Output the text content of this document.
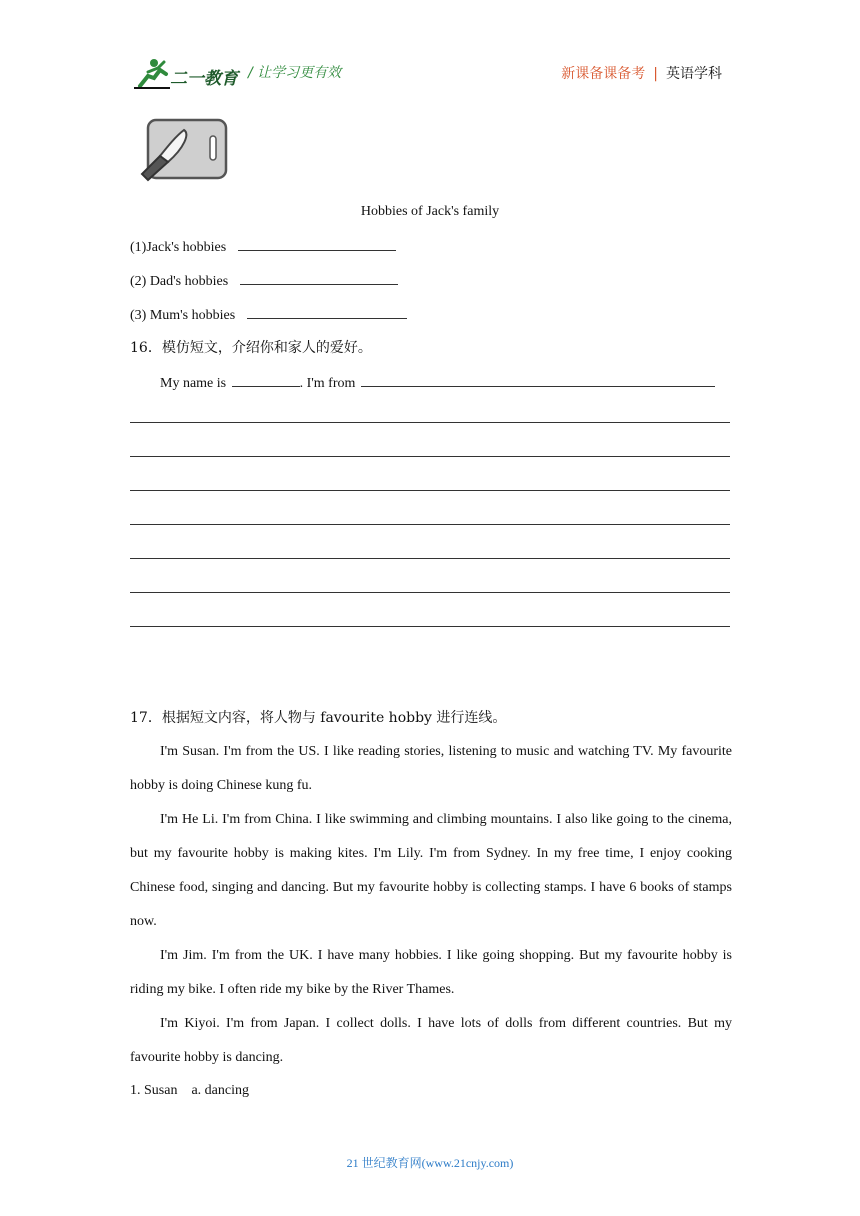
二一教育 / 让学习更有效	新课备课备考 | 英语学科
Hobbies of Jack's family
(1)Jack's hobbies
(2) Dad's hobbies
(3) Mum's hobbies
16．模仿短文，介绍你和家人的爱好。
My name is	. I'm from
17．根据短文内容，将人物与 favourite hobby 进行连线。
I'm Susan. I'm from the US. I like reading stories, listening to music and watching TV. My favourite hobby is doing Chinese kung fu.
I'm He Li. I'm from China. I like swimming and climbing mountains. I also like going to the cinema, but my favourite hobby is making kites. I'm Lily. I'm from Sydney. In my free time, I enjoy cooking Chinese food, singing and dancing. But my favourite hobby is collecting stamps. I have 6 books of stamps now.
I'm Jim. I'm from the UK. I have many hobbies. I like going shopping. But my favourite hobby is riding my bike. I often ride my bike by the River Thames.
I'm Kiyoi. I'm from Japan. I collect dolls. I have lots of dolls from different countries. But my favourite hobby is dancing.
1. Susan    a. dancing
21 世纪教育网(www.21cnjy.com)
